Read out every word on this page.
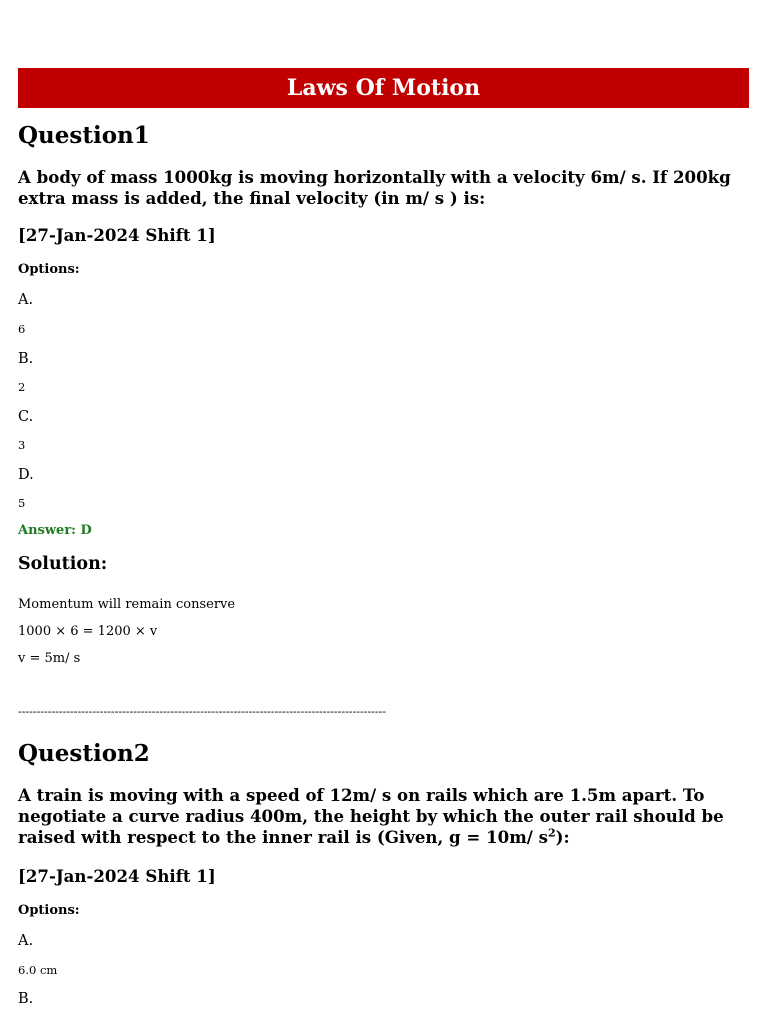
Laws Of Motion
Question1
A body of mass 1000kg is moving horizontally with a velocity 6m/ s. If 200kg extra mass is added, the final velocity (in m/ s ) is:
[27-Jan-2024 Shift 1]
Options:
A.
6
B.
2
C.
3
D.
5
Answer: D
Solution:
Momentum will remain conserve
1000 × 6 = 1200 × v
v = 5m/ s
---------------------------------------------------------------------------------------------------
Question2
A train is moving with a speed of 12m/ s on rails which are 1.5m apart. To negotiate a curve radius 400m, the height by which the outer rail should be raised with respect to the inner rail is (Given, g = 10m/ $s^2$):
[27-Jan-2024 Shift 1]
Options:
A.
6.0 cm
B.
